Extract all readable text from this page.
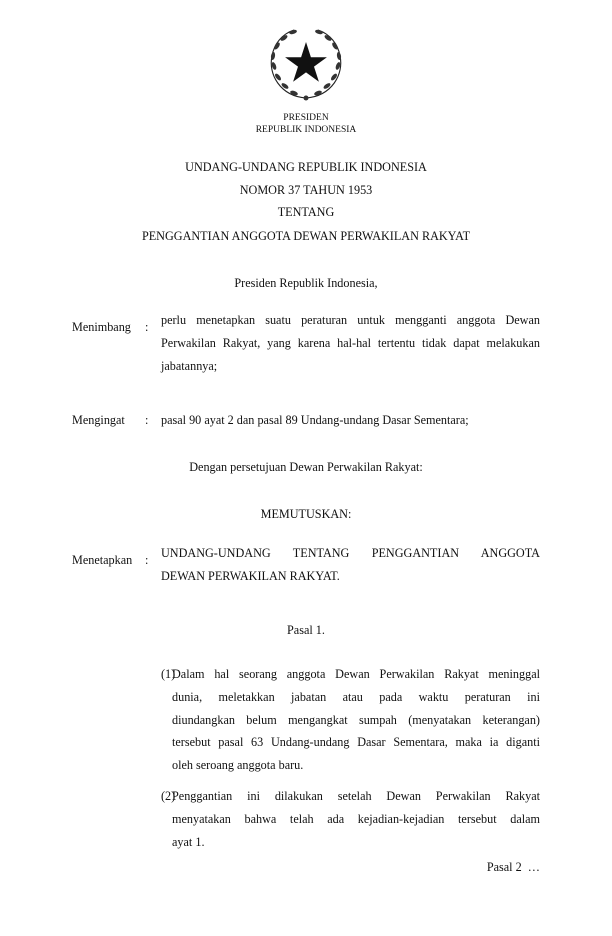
PRESIDEN
REPUBLIK INDONESIA
UNDANG-UNDANG REPUBLIK INDONESIA
NOMOR 37 TAHUN 1953
TENTANG
PENGGANTIAN ANGGOTA DEWAN PERWAKILAN RAKYAT
Presiden Republik Indonesia,
Menimbang : perlu menetapkan suatu peraturan untuk mengganti anggota Dewan
Perwakilan Rakyat, yang karena hal-hal tertentu tidak dapat melakukan
jabatannya;
Mengingat : pasal 90 ayat 2 dan pasal 89 Undang-undang Dasar Sementara;
Dengan persetujuan Dewan Perwakilan Rakyat:
MEMUTUSKAN:
Menetapkan : UNDANG-UNDANG TENTANG PENGGANTIAN ANGGOTA
DEWAN PERWAKILAN RAKYAT.
Pasal 1.
(1)
Dalam hal seorang anggota Dewan Perwakilan Rakyat meninggal
dunia, meletakkan jabatan atau pada waktu peraturan ini
diundangkan belum mengangkat sumpah (menyatakan keterangan)
tersebut pasal 63 Undang-undang Dasar Sementara, maka ia diganti
oleh seroang anggota baru.
(2)
Penggantian ini dilakukan setelah Dewan Perwakilan Rakyat
menyatakan bahwa telah ada kejadian-kejadian tersebut dalam
ayat 1.
Pasal 2  …
